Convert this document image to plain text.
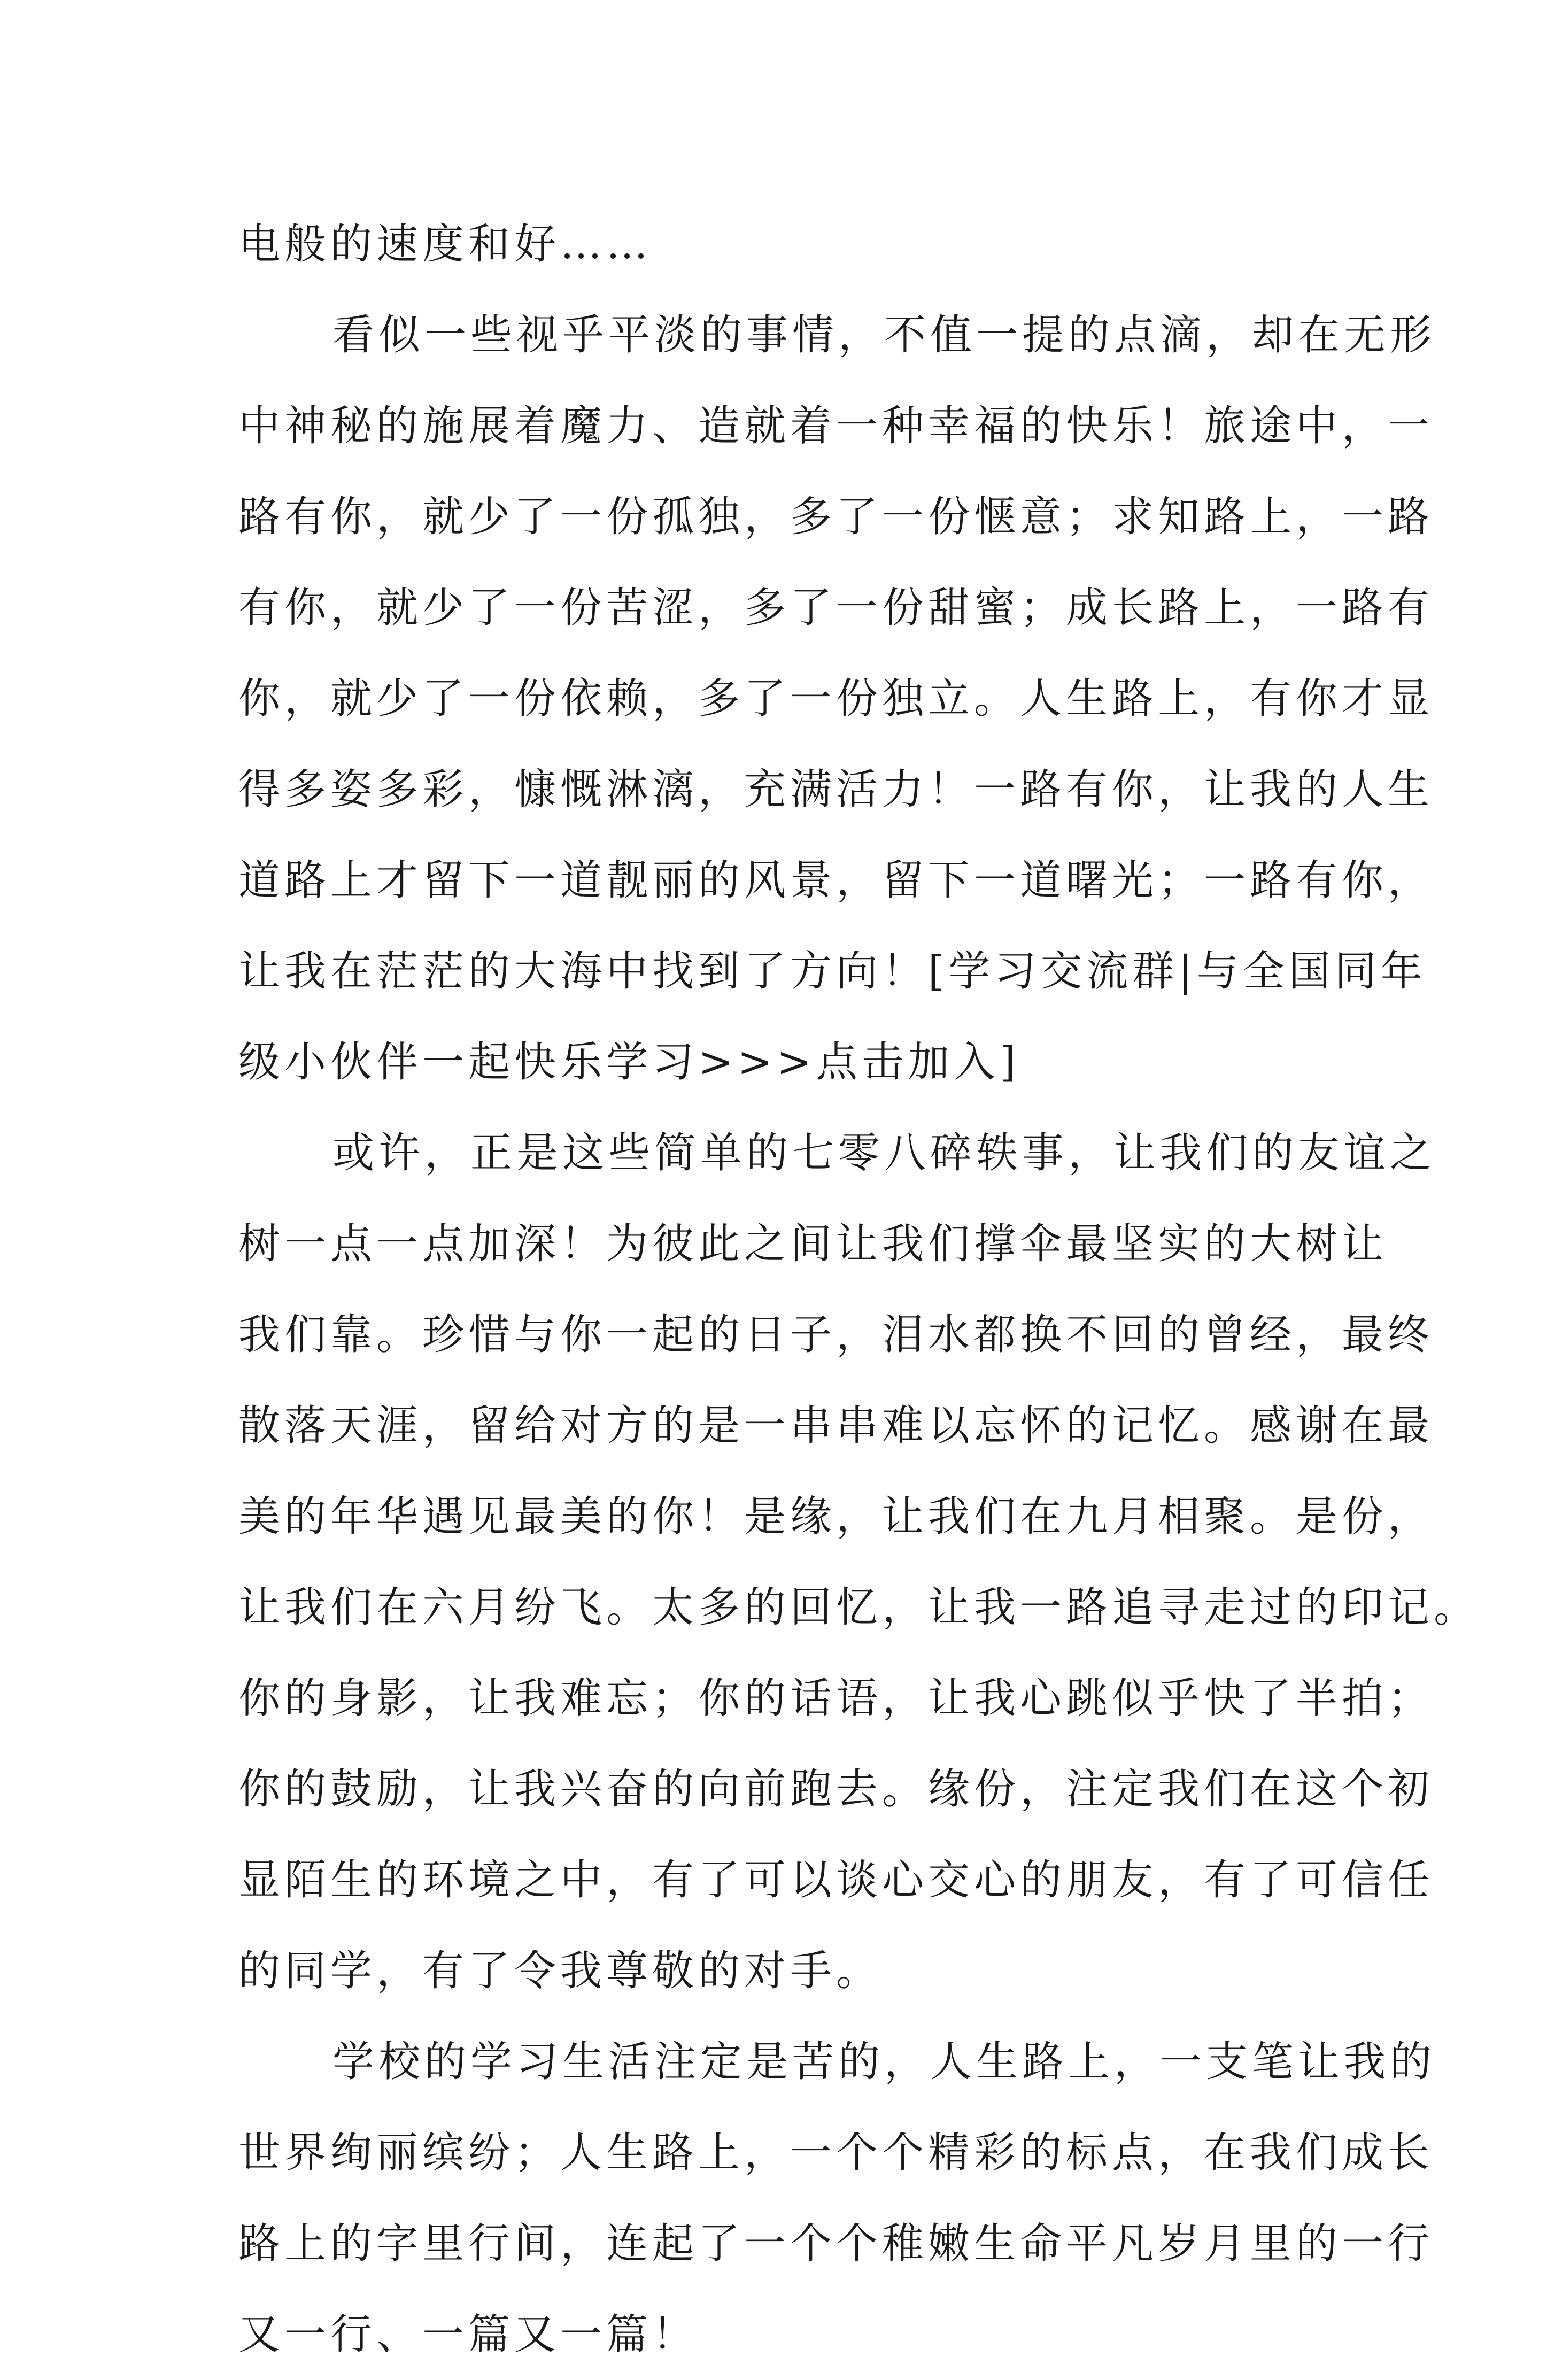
电般的速度和好……
看似一些视乎平淡的事情，不值一提的点滴，却在无形
中神秘的施展着魔力、造就着一种幸福的快乐！旅途中，一
路有你，就少了一份孤独，多了一份惬意；求知路上，一路
有你，就少了一份苦涩，多了一份甜蜜；成长路上，一路有
你，就少了一份依赖，多了一份独立。人生路上，有你才显
得多姿多彩，慷慨淋漓，充满活力！一路有你，让我的人生
道路上才留下一道靓丽的风景，留下一道曙光；一路有你，
让我在茫茫的大海中找到了方向！[学习交流群|与全国同年
级小伙伴一起快乐学习>>>点击加入]
或许，正是这些简单的七零八碎轶事，让我们的友谊之
树一点一点加深！为彼此之间让我们撑伞最坚实的大树让
我们靠。珍惜与你一起的日子，泪水都换不回的曾经，最终
散落天涯，留给对方的是一串串难以忘怀的记忆。感谢在最
美的年华遇见最美的你！是缘，让我们在九月相聚。是份，
让我们在六月纷飞。太多的回忆，让我一路追寻走过的印记。
你的身影，让我难忘；你的话语，让我心跳似乎快了半拍；
你的鼓励，让我兴奋的向前跑去。缘份，注定我们在这个初
显陌生的环境之中，有了可以谈心交心的朋友，有了可信任
的同学，有了令我尊敬的对手。
学校的学习生活注定是苦的，人生路上，一支笔让我的
世界绚丽缤纷；人生路上，一个个精彩的标点，在我们成长
路上的字里行间，连起了一个个稚嫩生命平凡岁月里的一行
又一行、一篇又一篇！
